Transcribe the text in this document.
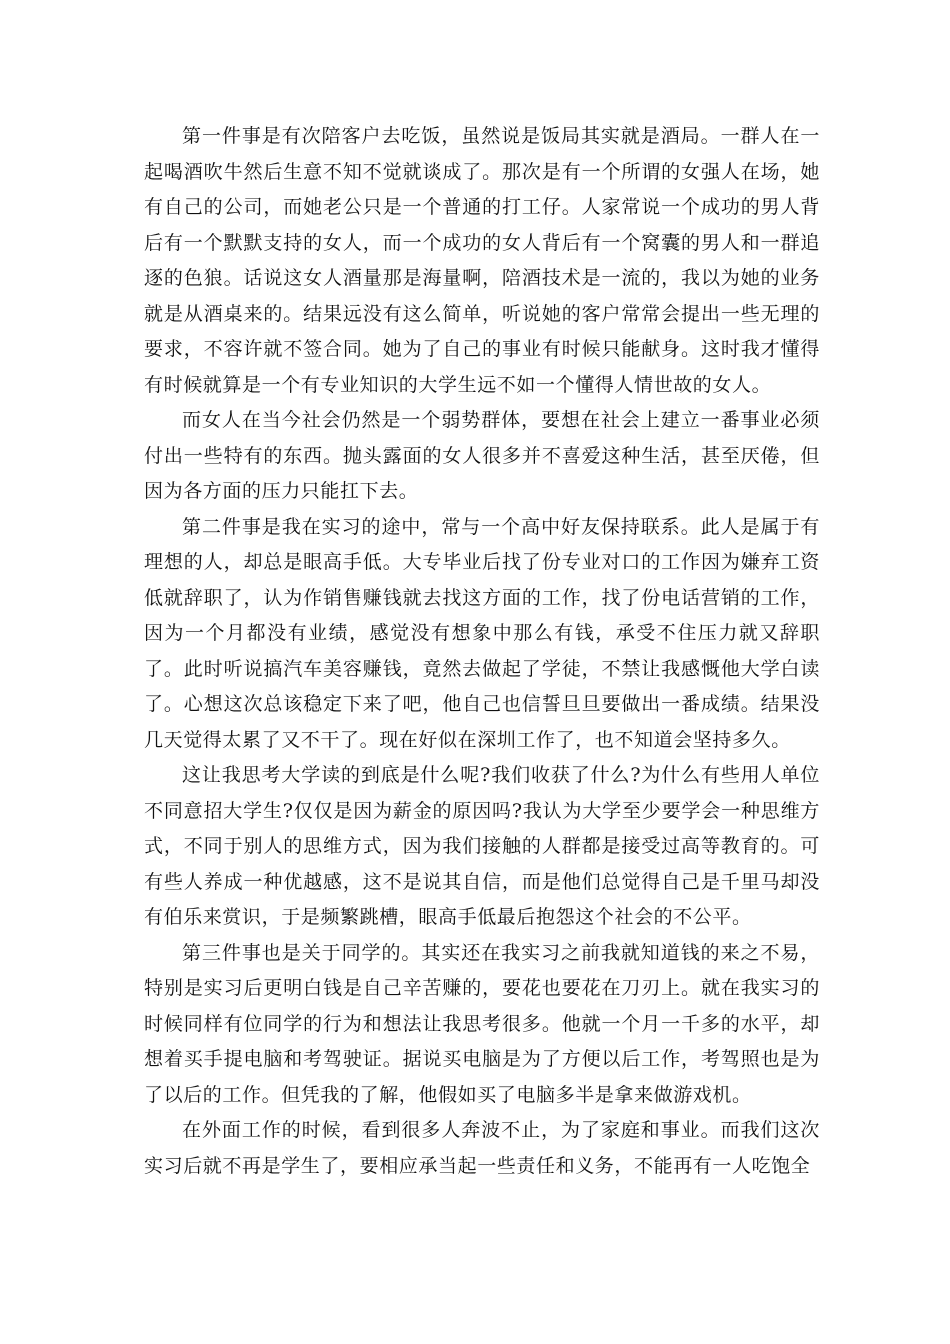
第一件事是有次陪客户去吃饭，虽然说是饭局其实就是酒局。一群人在一起喝酒吹牛然后生意不知不觉就谈成了。那次是有一个所谓的女强人在场，她有自己的公司，而她老公只是一个普通的打工仔。人家常说一个成功的男人背后有一个默默支持的女人，而一个成功的女人背后有一个窝囊的男人和一群追逐的色狼。话说这女人酒量那是海量啊，陪酒技术是一流的，我以为她的业务就是从酒桌来的。结果远没有这么简单，听说她的客户常常会提出一些无理的要求，不容许就不签合同。她为了自己的事业有时候只能献身。这时我才懂得有时候就算是一个有专业知识的大学生远不如一个懂得人情世故的女人。

而女人在当今社会仍然是一个弱势群体，要想在社会上建立一番事业必须付出一些特有的东西。抛头露面的女人很多并不喜爱这种生活，甚至厌倦，但因为各方面的压力只能扛下去。

第二件事是我在实习的途中，常与一个高中好友保持联系。此人是属于有理想的人，却总是眼高手低。大专毕业后找了份专业对口的工作因为嫌弃工资低就辞职了，认为作销售赚钱就去找这方面的工作，找了份电话营销的工作，因为一个月都没有业绩，感觉没有想象中那么有钱，承受不住压力就又辞职了。此时听说搞汽车美容赚钱，竟然去做起了学徒，不禁让我感慨他大学白读了。心想这次总该稳定下来了吧，他自己也信誓旦旦要做出一番成绩。结果没几天觉得太累了又不干了。现在好似在深圳工作了，也不知道会坚持多久。

这让我思考大学读的到底是什么呢?我们收获了什么?为什么有些用人单位不同意招大学生?仅仅是因为薪金的原因吗?我认为大学至少要学会一种思维方式，不同于别人的思维方式，因为我们接触的人群都是接受过高等教育的。可有些人养成一种优越感，这不是说其自信，而是他们总觉得自己是千里马却没有伯乐来赏识，于是频繁跳槽，眼高手低最后抱怨这个社会的不公平。

第三件事也是关于同学的。其实还在我实习之前我就知道钱的来之不易，特别是实习后更明白钱是自己辛苦赚的，要花也要花在刀刃上。就在我实习的时候同样有位同学的行为和想法让我思考很多。他就一个月一千多的水平，却想着买手提电脑和考驾驶证。据说买电脑是为了方便以后工作，考驾照也是为了以后的工作。但凭我的了解，他假如买了电脑多半是拿来做游戏机。

在外面工作的时候，看到很多人奔波不止，为了家庭和事业。而我们这次实习后就不再是学生了，要相应承当起一些责任和义务，不能再有一人吃饱全
